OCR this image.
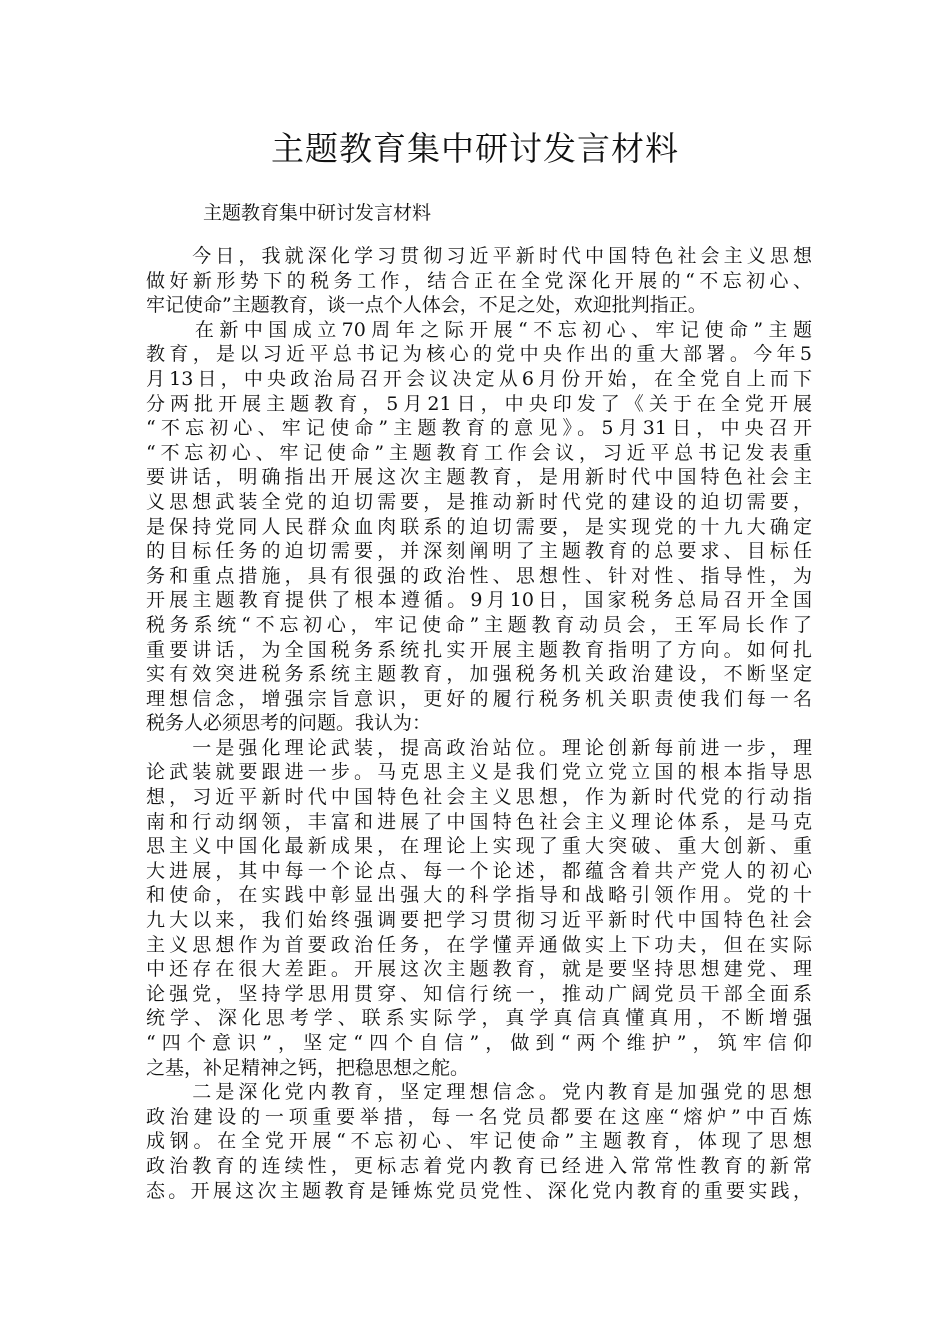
主题教育集中研讨发言材料
主题教育集中研讨发言材料
　　今日，我就深化学习贯彻习近平新时代中国特色社会主义思想
做好新形势下的税务工作，结合正在全党深化开展的“不忘初心、
牢记使命”主题教育，谈一点个人体会，不足之处，欢迎批判指正。
　　在新中国成立70周年之际开展“不忘初心、牢记使命”主题
教育，是以习近平总书记为核心的党中央作出的重大部署。今年5
月13日，中央政治局召开会议决定从6月份开始，在全党自上而下
分两批开展主题教育，5月21日，中央印发了《关于在全党开展
“不忘初心、牢记使命”主题教育的意见》。5月31日，中央召开
“不忘初心、牢记使命”主题教育工作会议，习近平总书记发表重
要讲话，明确指出开展这次主题教育，是用新时代中国特色社会主
义思想武装全党的迫切需要，是推动新时代党的建设的迫切需要，
是保持党同人民群众血肉联系的迫切需要，是实现党的十九大确定
的目标任务的迫切需要，并深刻阐明了主题教育的总要求、目标任
务和重点措施，具有很强的政治性、思想性、针对性、指导性，为
开展主题教育提供了根本遵循。9月10日，国家税务总局召开全国
税务系统“不忘初心，牢记使命”主题教育动员会，王军局长作了
重要讲话，为全国税务系统扎实开展主题教育指明了方向。如何扎
实有效突进税务系统主题教育，加强税务机关政治建设，不断坚定
理想信念，增强宗旨意识，更好的履行税务机关职责使我们每一名
税务人必须思考的问题。我认为：
　　一是强化理论武装，提高政治站位。理论创新每前进一步，理
论武装就要跟进一步。马克思主义是我们党立党立国的根本指导思
想，习近平新时代中国特色社会主义思想，作为新时代党的行动指
南和行动纲领，丰富和进展了中国特色社会主义理论体系，是马克
思主义中国化最新成果，在理论上实现了重大突破、重大创新、重
大进展，其中每一个论点、每一个论述，都蕴含着共产党人的初心
和使命，在实践中彰显出强大的科学指导和战略引领作用。党的十
九大以来，我们始终强调要把学习贯彻习近平新时代中国特色社会
主义思想作为首要政治任务，在学懂弄通做实上下功夫，但在实际
中还存在很大差距。开展这次主题教育，就是要坚持思想建党、理
论强党，坚持学思用贯穿、知信行统一，推动广阔党员干部全面系
统学、深化思考学、联系实际学，真学真信真懂真用，不断增强
“四个意识”，坚定“四个自信”，做到“两个维护”，筑牢信仰
之基，补足精神之钙，把稳思想之舵。
　　二是深化党内教育，坚定理想信念。党内教育是加强党的思想
政治建设的一项重要举措，每一名党员都要在这座“熔炉”中百炼
成钢。在全党开展“不忘初心、牢记使命”主题教育，体现了思想
政治教育的连续性，更标志着党内教育已经进入常常性教育的新常
态。开展这次主题教育是锤炼党员党性、深化党内教育的重要实践，
